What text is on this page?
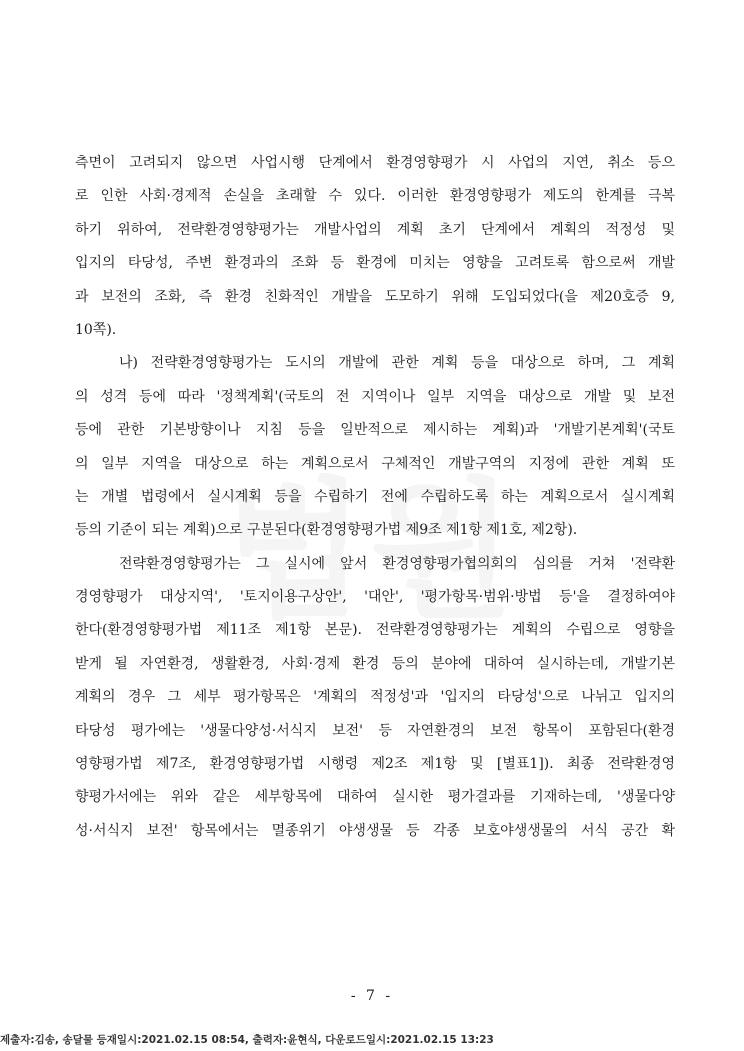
측면이 고려되지 않으면 사업시행 단계에서 환경영향평가 시 사업의 지연, 취소 등으
로 인한 사회·경제적 손실을 초래할 수 있다. 이러한 환경영향평가 제도의 한계를 극복
하기 위하여, 전략환경영향평가는 개발사업의 계획 초기 단계에서 계획의 적정성 및
입지의 타당성, 주변 환경과의 조화 등 환경에 미치는 영향을 고려토록 함으로써 개발
과 보전의 조화, 즉 환경 친화적인 개발을 도모하기 위해 도입되었다(을 제20호증 9,
10쪽).
나) 전략환경영향평가는 도시의 개발에 관한 계획 등을 대상으로 하며, 그 계획
의 성격 등에 따라 '정책계획'(국토의 전 지역이나 일부 지역을 대상으로 개발 및 보전
등에 관한 기본방향이나 지침 등을 일반적으로 제시하는 계획)과 '개발기본계획'(국토
의 일부 지역을 대상으로 하는 계획으로서 구체적인 개발구역의 지정에 관한 계획 또
는 개별 법령에서 실시계획 등을 수립하기 전에 수립하도록 하는 계획으로서 실시계획
등의 기준이 되는 계획)으로 구분된다(환경영향평가법 제9조 제1항 제1호, 제2항).
전략환경영향평가는 그 실시에 앞서 환경영향평가협의회의 심의를 거쳐 '전략환
경영향평가 대상지역', '토지이용구상안', '대안', '평가항목·범위·방법 등'을 결정하여야
한다(환경영향평가법 제11조 제1항 본문). 전략환경영향평가는 계획의 수립으로 영향을
받게 될 자연환경, 생활환경, 사회·경제 환경 등의 분야에 대하여 실시하는데, 개발기본
계획의 경우 그 세부 평가항목은 '계획의 적정성'과 '입지의 타당성'으로 나뉘고 입지의
타당성 평가에는 '생물다양성·서식지 보전' 등 자연환경의 보전 항목이 포함된다(환경
영향평가법 제7조, 환경영향평가법 시행령 제2조 제1항 및 [별표1]). 최종 전략환경영
향평가서에는 위와 같은 세부항목에 대하여 실시한 평가결과를 기재하는데, '생물다양
성·서식지 보전' 항목에서는 멸종위기 야생생물 등 각종 보호야생생물의 서식 공간 확
- 7 -
제출자:김송, 송달물 등재일시:2021.02.15 08:54, 출력자:윤현식, 다운로드일시:2021.02.15 13:23
